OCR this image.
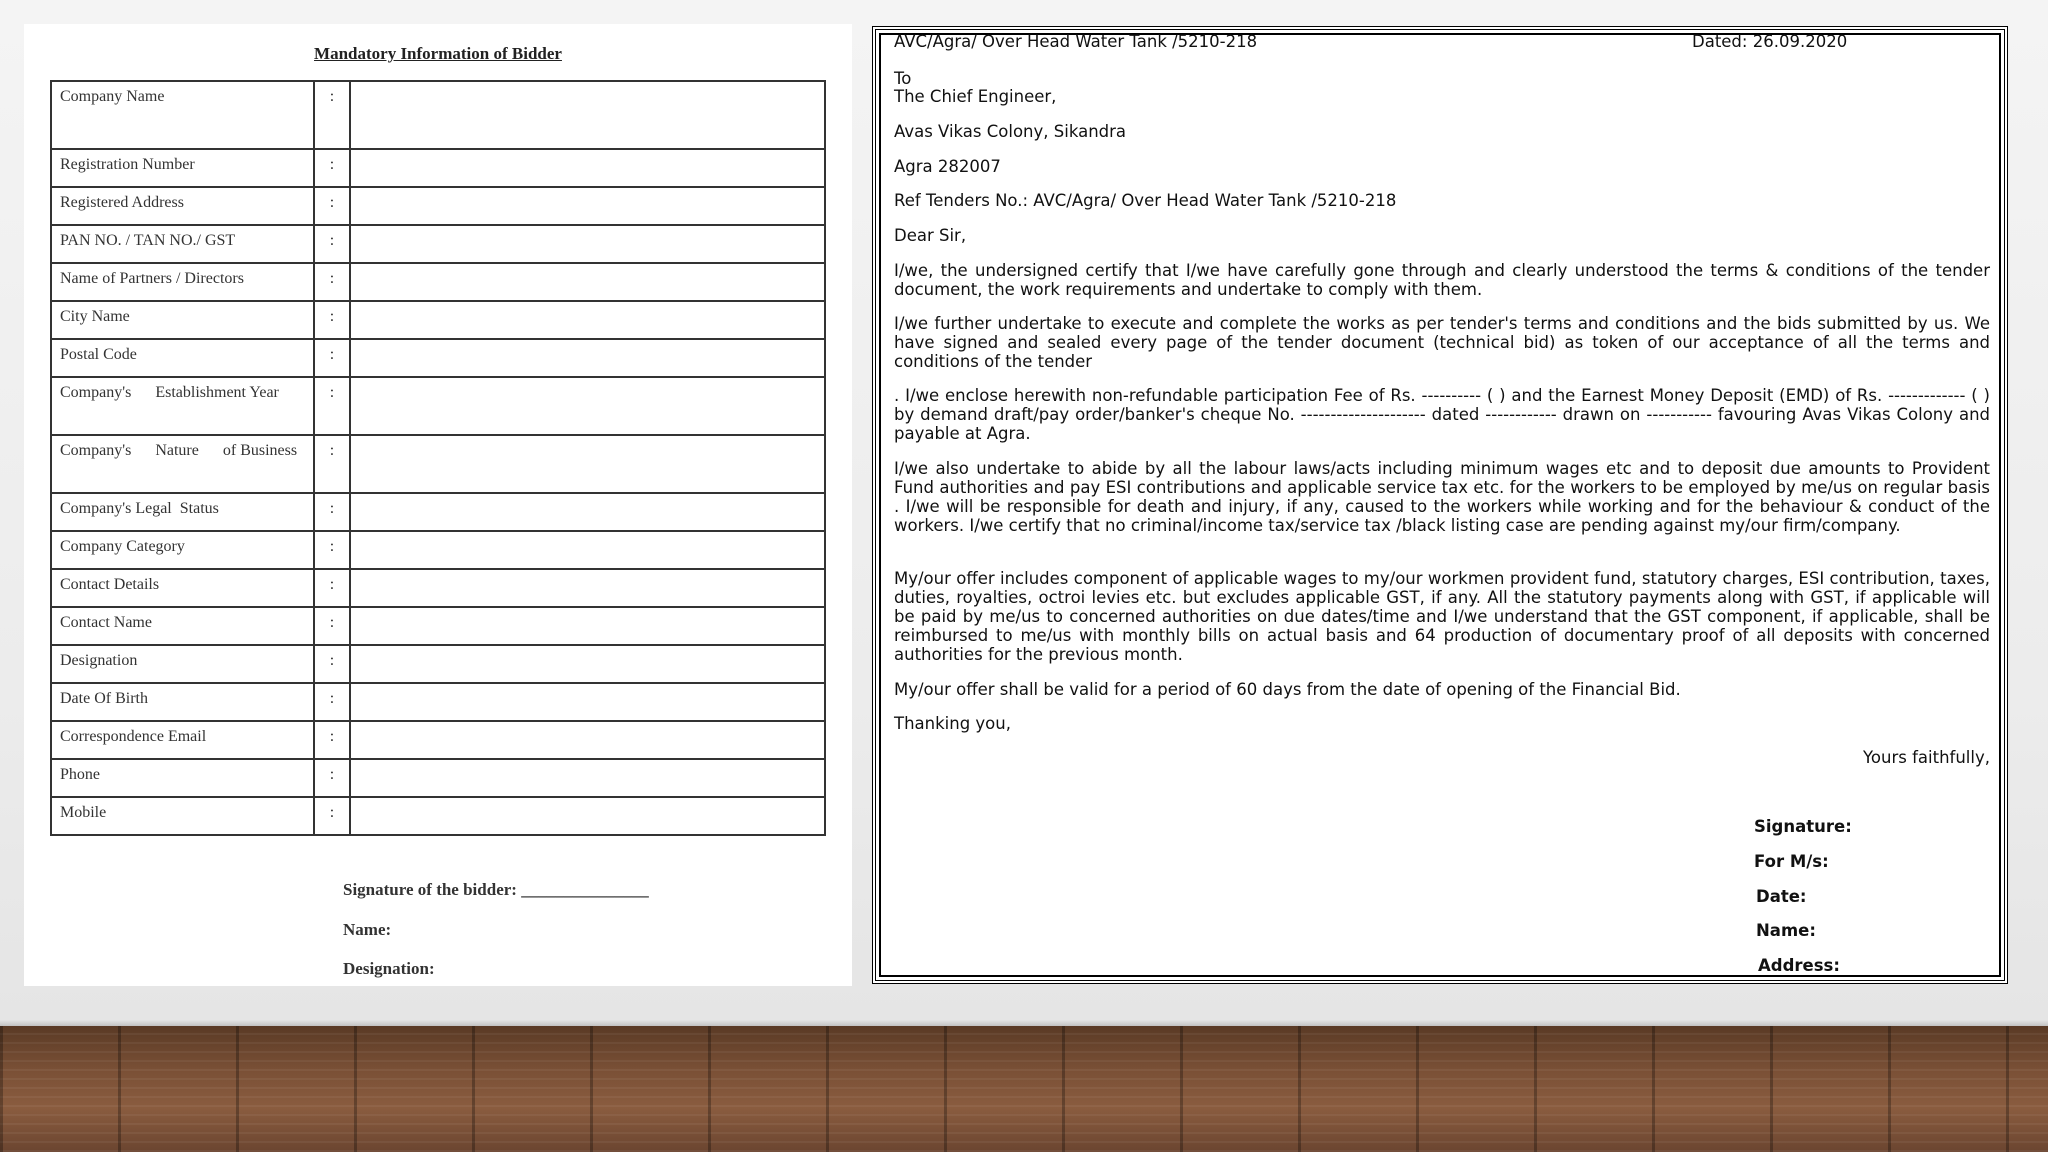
Mandatory Information of Bidder
Company Name	:	
Registration Number	:	
Registered Address	:	
PAN NO. / TAN NO./ GST	:	
Name of Partners / Directors	:	
City Name	:	
Postal Code	:	
Company's      Establishment Year	:	
Company's      Nature      of Business	:	
Company's Legal  Status	:	
Company Category	:	
Contact Details	:	
Contact Name	:	
Designation	:	
Date Of Birth	:	
Correspondence Email	:	
Phone	:	
Mobile	:	
Signature of the bidder: _______________
Name:
Designation:
AVC/Agra/ Over Head Water Tank /5210-218	Dated: 26.09.2020

To

The Chief Engineer,

Avas Vikas Colony, Sikandra

Agra 282007

Ref Tenders No.: AVC/Agra/ Over Head Water Tank /5210-218

Dear Sir,

I/we, the undersigned certify that I/we have carefully gone through and clearly understood the terms & conditions of the tender document, the work requirements and undertake to comply with them.

I/we further undertake to execute and complete the works as per tender's terms and conditions and the bids submitted by us. We have signed and sealed every page of the tender document (technical bid) as token of our acceptance of all the terms and conditions of the tender

. I/we enclose herewith non-refundable participation Fee of Rs. ---------- ( ) and the Earnest Money Deposit (EMD) of Rs. ------------- ( ) by demand draft/pay order/banker's cheque No. --------------------- dated ------------ drawn on ----------- favouring Avas Vikas Colony and payable at Agra.

I/we also undertake to abide by all the labour laws/acts including minimum wages etc and to deposit due amounts to Provident Fund authorities and pay ESI contributions and applicable service tax etc. for the workers to be employed by me/us on regular basis . I/we will be responsible for death and injury, if any, caused to the workers while working and for the behaviour & conduct of the workers. I/we certify that no criminal/income tax/service tax /black listing case are pending against my/our firm/company.

My/our offer includes component of applicable wages to my/our workmen provident fund, statutory charges, ESI contribution, taxes, duties, royalties, octroi levies etc. but excludes applicable GST, if any. All the statutory payments along with GST, if applicable will be paid by me/us to concerned authorities on due dates/time and I/we understand that the GST component, if applicable, shall be reimbursed to me/us with monthly bills on actual basis and 64 production of documentary proof of all deposits with concerned authorities for the previous month.

My/our offer shall be valid for a period of 60 days from the date of opening of the Financial Bid.

Thanking you,

Yours faithfully,

Signature:
For M/s:
Date:
Name:
Address:
